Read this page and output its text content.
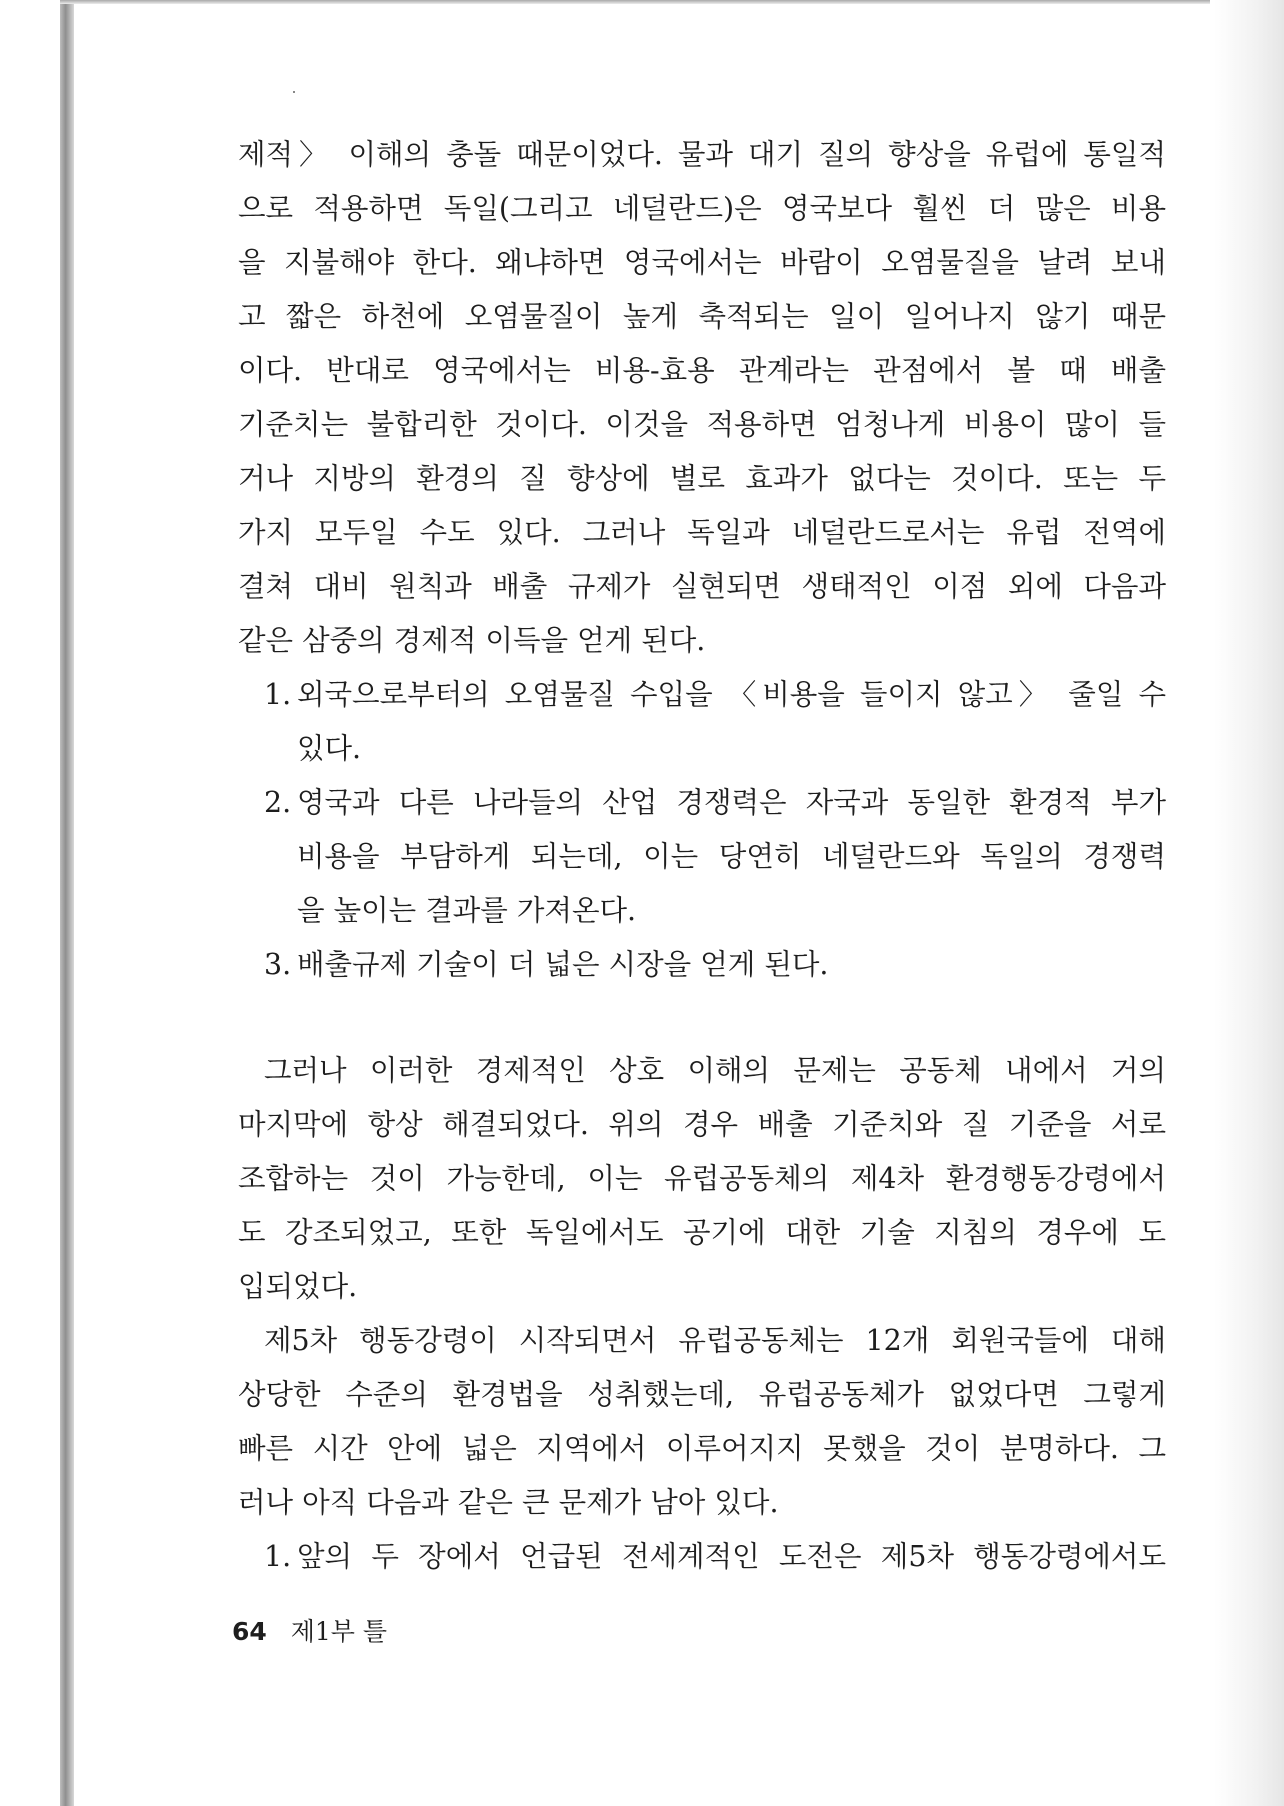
제적〉 이해의 충돌 때문이었다. 물과 대기 질의 향상을 유럽에 통일적
으로 적용하면 독일(그리고 네덜란드)은 영국보다 훨씬 더 많은 비용
을 지불해야 한다. 왜냐하면 영국에서는 바람이 오염물질을 날려 보내
고 짧은 하천에 오염물질이 높게 축적되는 일이 일어나지 않기 때문
이다. 반대로 영국에서는 비용-효용 관계라는 관점에서 볼 때 배출
기준치는 불합리한 것이다. 이것을 적용하면 엄청나게 비용이 많이 들
거나 지방의 환경의 질 향상에 별로 효과가 없다는 것이다. 또는 두
가지 모두일 수도 있다. 그러나 독일과 네덜란드로서는 유럽 전역에
결쳐 대비 원칙과 배출 규제가 실현되면 생태적인 이점 외에 다음과
같은 삼중의 경제적 이득을 얻게 된다.
1. 외국으로부터의 오염물질 수입을 〈비용을 들이지 않고〉 줄일 수
있다.
2. 영국과 다른 나라들의 산업 경쟁력은 자국과 동일한 환경적 부가
비용을 부담하게 되는데, 이는 당연히 네덜란드와 독일의 경쟁력
을 높이는 결과를 가져온다.
3. 배출규제 기술이 더 넓은 시장을 얻게 된다.
그러나 이러한 경제적인 상호 이해의 문제는 공동체 내에서 거의
마지막에 항상 해결되었다. 위의 경우 배출 기준치와 질 기준을 서로
조합하는 것이 가능한데, 이는 유럽공동체의 제4차 환경행동강령에서
도 강조되었고, 또한 독일에서도 공기에 대한 기술 지침의 경우에 도
입되었다.
제5차 행동강령이 시작되면서 유럽공동체는 12개 회원국들에 대해
상당한 수준의 환경법을 성취했는데, 유럽공동체가 없었다면 그렇게
빠른 시간 안에 넓은 지역에서 이루어지지 못했을 것이 분명하다. 그
러나 아직 다음과 같은 큰 문제가 남아 있다.
1. 앞의 두 장에서 언급된 전세계적인 도전은 제5차 행동강령에서도
64 제1부 틀
